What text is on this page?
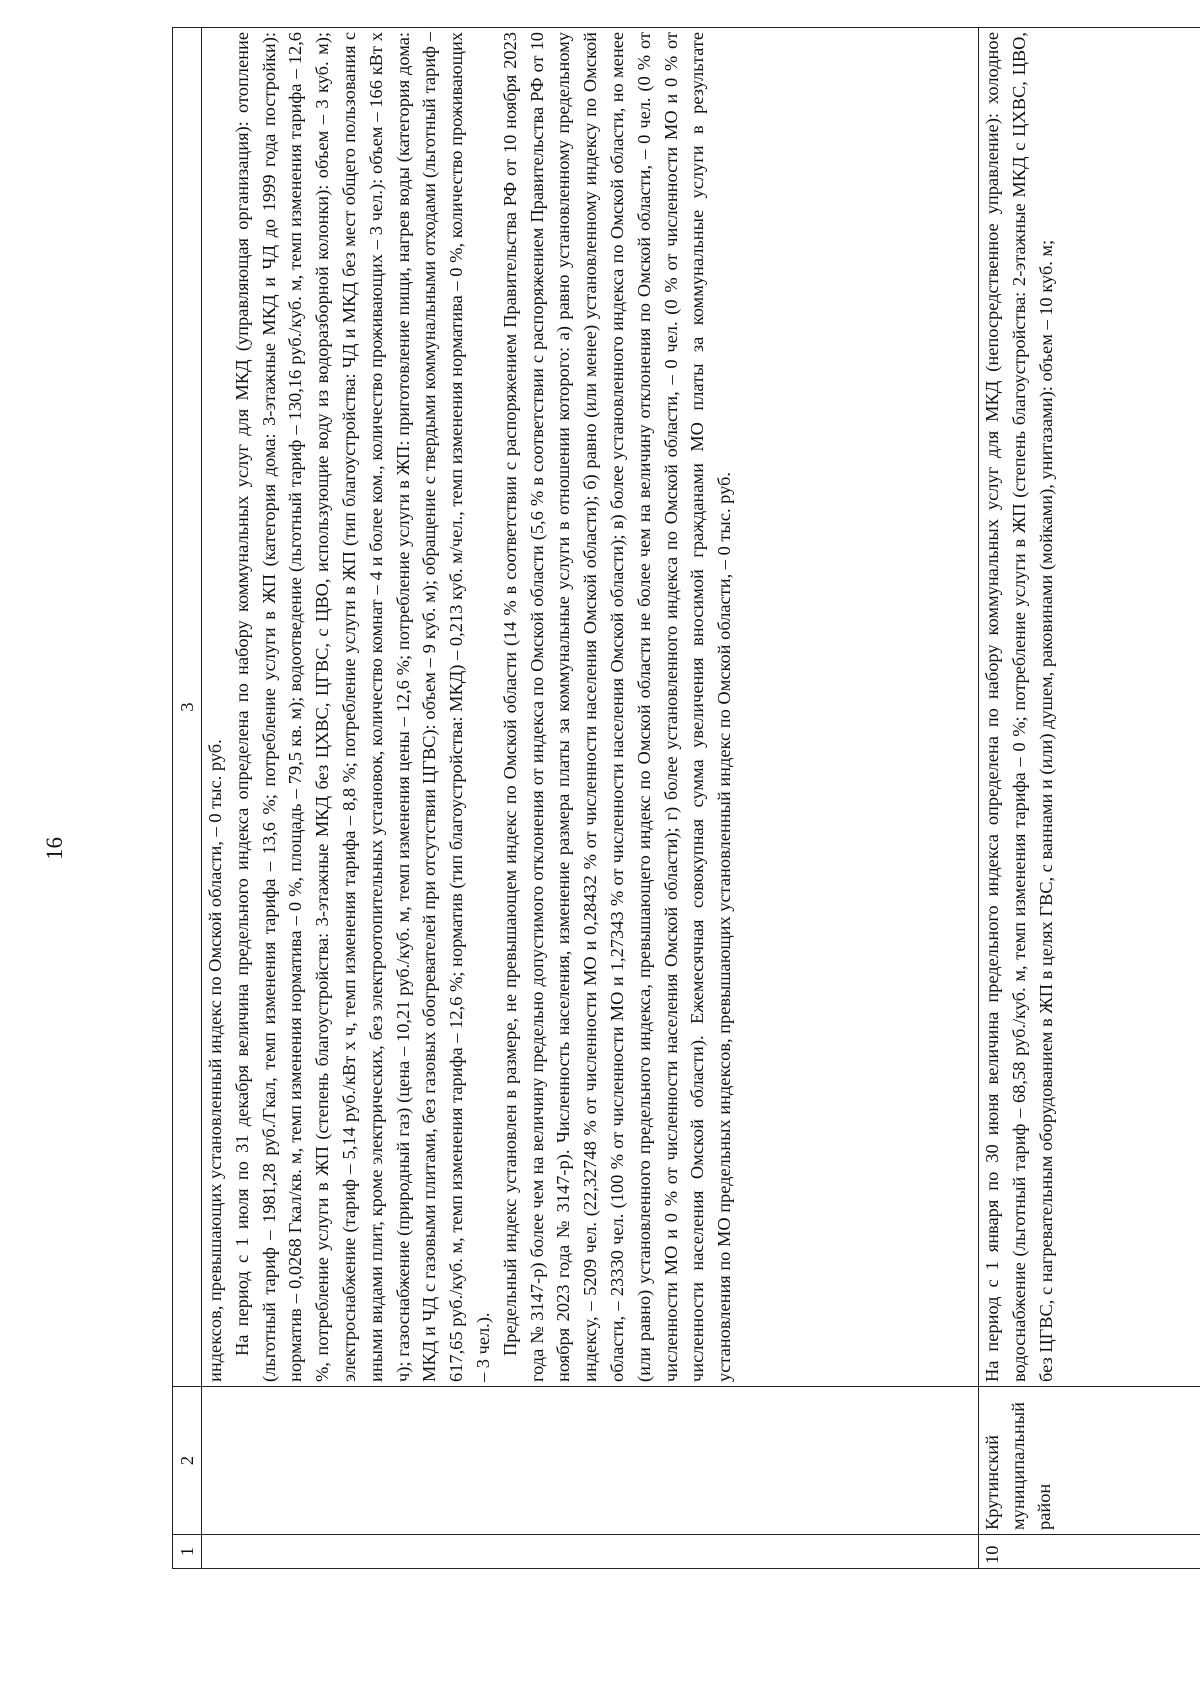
16
1	2	3

		индексов, превышающих установленный индекс по Омской области, – 0 тыс. руб. На период с 1 июля по 31 декабря величина предельного индекса определена по набору коммунальных услуг для МКД (управляющая организация): отопление (льготный тариф – 1981,28 руб./Гкал, темп изменения тарифа – 13,6 %; потребление услуги в ЖП (категория дома: 3-этажные МКД и ЧД до 1999 года постройки): норматив – 0,0268 Гкал/кв. м, темп изменения норматива – 0 %, площадь – 79,5 кв. м); водоотведение (льготный тариф – 130,16 руб./куб. м, темп изменения тарифа – 12,6 %, потребление услуги в ЖП (степень благоустройства: 3-этажные МКД без ЦХВС, ЦГВС, с ЦВО, использующие воду из водоразборной колонки): объем – 3 куб. м); электроснабжение (тариф – 5,14 руб./кВт х ч, темп изменения тарифа – 8,8 %; потребление услуги в ЖП (тип благоустройства: ЧД и МКД без мест общего пользования с иными видами плит, кроме электрических, без электроотопительных установок, количество комнат – 4 и более ком., количество проживающих – 3 чел.): объем – 166 кВт х ч); газоснабжение (природный газ) (цена – 10,21 руб./куб. м, темп изменения цены – 12,6 %; потребление услуги в ЖП: приготовление пищи, нагрев воды (категория дома: МКД и ЧД с газовыми плитами, без газовых обогревателей при отсутствии ЦГВС): объем – 9 куб. м); обращение с твердыми коммунальными отходами (льготный тариф – 617,65 руб./куб. м, темп изменения тарифа – 12,6 %; норматив (тип благоустройства: МКД) – 0,213 куб. м/чел., темп изменения норматива – 0 %, количество проживающих – 3 чел.). Предельный индекс установлен в размере, не превышающем индекс по Омской области (14 % в соответствии с распоряжением Правительства РФ от 10 ноября 2023 года № 3147-р) более чем на величину предельно допустимого отклонения от индекса по Омской области (5,6 % в соответствии с распоряжением Правительства РФ от 10 ноября 2023 года № 3147-р). Численность населения, изменение размера платы за коммунальные услуги в отношении которого: а) равно установленному предельному индексу, – 5209 чел. (22,32748 % от численности МО и 0,28432 % от численности населения Омской области); б) равно (или менее) установленному индексу по Омской области, – 23330 чел. (100 % от численности МО и 1,27343 % от численности населения Омской области); в) более установленного индекса по Омской области, но менее (или равно) установленного предельного индекса, превышающего индекс по Омской области не более чем на величину отклонения по Омской области, – 0 чел. (0 % от численности МО и 0 % от численности населения Омской области); г) более установленного индекса по Омской области, – 0 чел. (0 % от численности МО и 0 % от численности населения Омской области). Ежемесячная совокупная сумма увеличения вносимой гражданами МО платы за коммунальные услуги в результате установления по МО предельных индексов, превышающих установленный индекс по Омской области, – 0 тыс. руб.

10	Крутинский муниципальный район	На период с 1 января по 30 июня величина предельного индекса определена по набору коммунальных услуг для МКД (непосредственное управление): холодное водоснабжение (льготный тариф – 68,58 руб./куб. м, темп изменения тарифа – 0 %; потребление услуги в ЖП (степень благоустройства: 2-этажные МКД с ЦХВС, ЦВО, без ЦГВС, с нагревательным оборудованием в ЖП в целях ГВС, с ваннами и (или) душем, раковинами (мойками), унитазами): объем – 10 куб. м;
